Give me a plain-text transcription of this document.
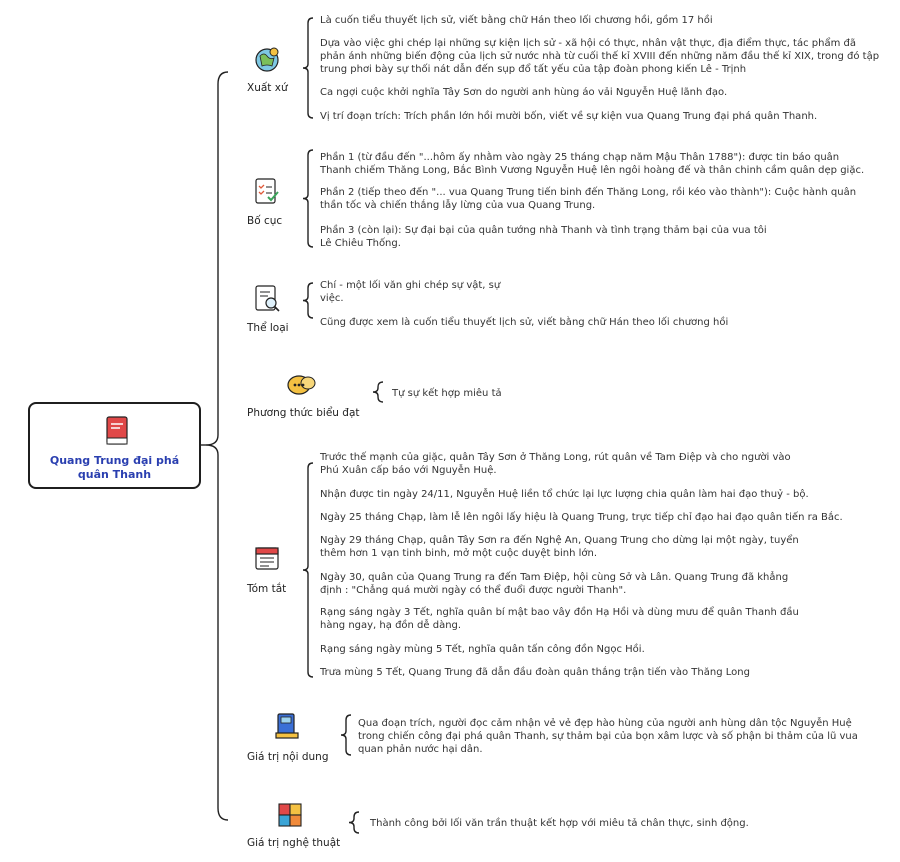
Quang Trung đại phá quân Thanh
Xuất xứ
Là cuốn tiểu thuyết lịch sử, viết bằng chữ Hán theo lối chương hồi, gồm 17 hồi
Dựa vào việc ghi chép lại những sự kiện lịch sử - xã hội có thực, nhân vật thực, địa điểm thực, tác phẩm đã phản ánh những biến động của lịch sử nước nhà từ cuối thế kỉ XVIII đến những năm đầu thế kỉ XIX, trong đó tập trung phơi bày sự thối nát dẫn đến sụp đổ tất yếu của tập đoàn phong kiến Lê - Trịnh
Ca ngợi cuộc khởi nghĩa Tây Sơn do người anh hùng áo vải Nguyễn Huệ lãnh đạo.
Vị trí đoạn trích: Trích phần lớn hồi mười bốn, viết về sự kiện vua Quang Trung đại phá quân Thanh.
Bố cục
Phần 1 (từ đầu đến "...hôm ấy nhằm vào ngày 25 tháng chạp năm Mậu Thân 1788"): được tin báo quân Thanh chiếm Thăng Long, Bắc Bình Vương Nguyễn Huệ lên ngôi hoàng đế và thân chinh cầm quân dẹp giặc.
Phần 2 (tiếp theo đến "... vua Quang Trung tiến binh đến Thăng Long, rồi kéo vào thành"): Cuộc hành quân thần tốc và chiến thắng lẫy lừng của vua Quang Trung.
Phần 3 (còn lại): Sự đại bại của quân tướng nhà Thanh và tình trạng thảm bại của vua tôi Lê Chiêu Thống.
Thể loại
Chí - một lối văn ghi chép sự vật, sự việc.
Cũng được xem là cuốn tiểu thuyết lịch sử, viết bằng chữ Hán theo lối chương hồi
Phương thức biểu đạt
Tự sự kết hợp miêu tả
Tóm tắt
Trước thế mạnh của giặc, quân Tây Sơn ở Thăng Long, rút quân về Tam Điệp và cho người vào Phú Xuân cấp báo với Nguyễn Huệ.
Nhận được tin ngày 24/11, Nguyễn Huệ liền tổ chức lại lực lượng chia quân làm hai đạo thuỷ - bộ.
Ngày 25 tháng Chạp, làm lễ lên ngôi lấy hiệu là Quang Trung, trực tiếp chỉ đạo hai đạo quân tiến ra Bắc.
Ngày 29 tháng Chạp, quân Tây Sơn ra đến Nghệ An, Quang Trung cho dừng lại một ngày, tuyển thêm hơn 1 vạn tinh binh, mở một cuộc duyệt binh lớn.
Ngày 30, quân của Quang Trung ra đến Tam Điệp, hội cùng Sở và Lân. Quang Trung đã khẳng định : "Chẳng quá mười ngày có thể đuổi được người Thanh".
Rạng sáng ngày 3 Tết, nghĩa quân bí mật bao vây đồn Hạ Hồi và dùng mưu để quân Thanh đầu hàng ngay, hạ đồn dễ dàng.
Rạng sáng ngày mùng 5 Tết, nghĩa quân tấn công đồn Ngọc Hồi.
Trưa mùng 5 Tết, Quang Trung đã dẫn đầu đoàn quân thắng trận tiến vào Thăng Long
Giá trị nội dung
Qua đoạn trích, người đọc cảm nhận vẻ vẻ đẹp hào hùng của người anh hùng dân tộc Nguyễn Huệ trong chiến công đại phá quân Thanh, sự thảm bại của bọn xâm lược và số phận bi thảm của lũ vua quan phản nước hại dân.
Giá trị nghệ thuật
Thành công bởi lối văn trần thuật kết hợp với miêu tả chân thực, sinh động.
